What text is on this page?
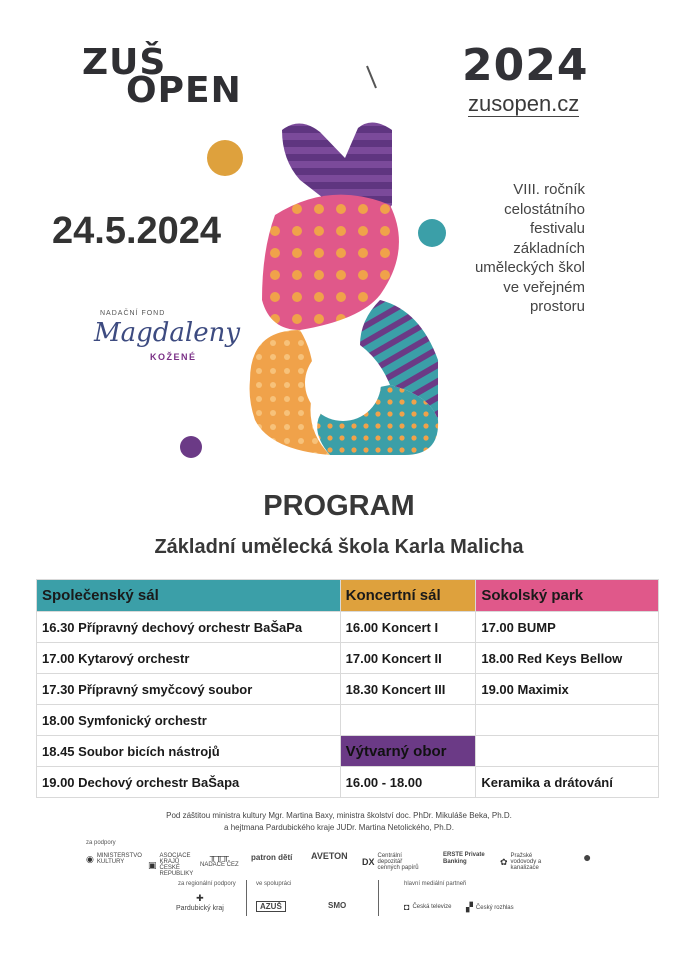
ZUŠ
OPEN	2024
zusopen.cz
24.5.2024
VIII. ročník
celostátního
festivalu
základních
uměleckých škol
ve veřejném
prostoru
NADAČNÍ FOND
Magdaleny
KOŽENÉ
PROGRAM
Základní umělecká škola Karla Malicha
Společenský sál	Koncertní sál	Sokolský park
16.30 Přípravný dechový orchestr BaŠaPa	16.00 Koncert I	17.00 BUMP
17.00 Kytarový orchestr	17.00 Koncert II	18.00 Red Keys Bellow
17.30 Přípravný smyčcový soubor	18.30 Koncert III	19.00 Maximix
18.00 Symfonický orchestr		
18.45 Soubor bicích nástrojů	Výtvarný obor	
19.00 Dechový orchestr BaŠapa	16.00 - 18.00	Keramika a drátování
Pod záštitou ministra kultury Mgr. Martina Baxy, ministra školství doc. PhDr. Mikuláše Beka, Ph.D.
a hejtmana Pardubického kraje JUDr. Martina Netolického, Ph.D.
za podpory
◉ MINISTERSTVO KULTURY	▣
ASOCIACE KRAJŮ ČESKÉ REPUBLIKY
╥╥╥
NADACE ČEZ
patron dětí AVETON
DX
Centrální depozitář cenných papírů
ERSTE Private Banking	✿
Pražské vodovody a kanalizace
●
za regionální podpory
✚
Pardubický kraj
ve spolupráci
AZUŠ	SMO
hlavní mediální partneři
◘ Česká televize ▞ Český rozhlas
